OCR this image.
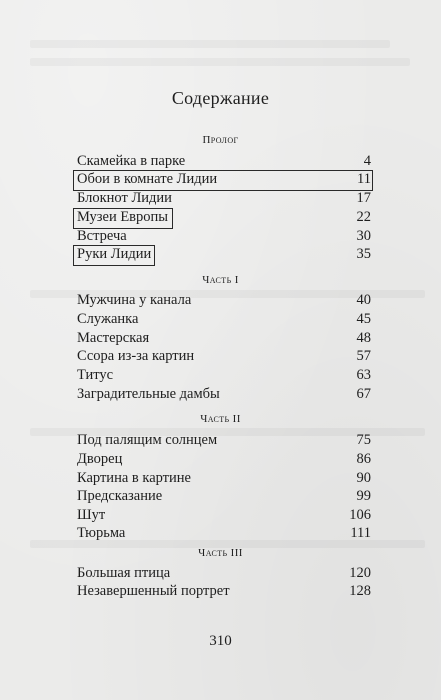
Содержание
Пролог
Скамейка в парке	4
Обои в комнате Лидии	11
Блокнот Лидии	17
Музеи Европы	22
Встреча	30
Руки Лидии	35
Часть I
Мужчина у канала	40
Служанка	45
Мастерская	48
Ссора из-за картин	57
Титус	63
Заградительные дамбы	67
Часть II
Под палящим солнцем	75
Дворец	86
Картина в картине	90
Предсказание	99
Шут	106
Тюрьма	111
Часть III
Большая птица	120
Незавершенный портрет	128
310
